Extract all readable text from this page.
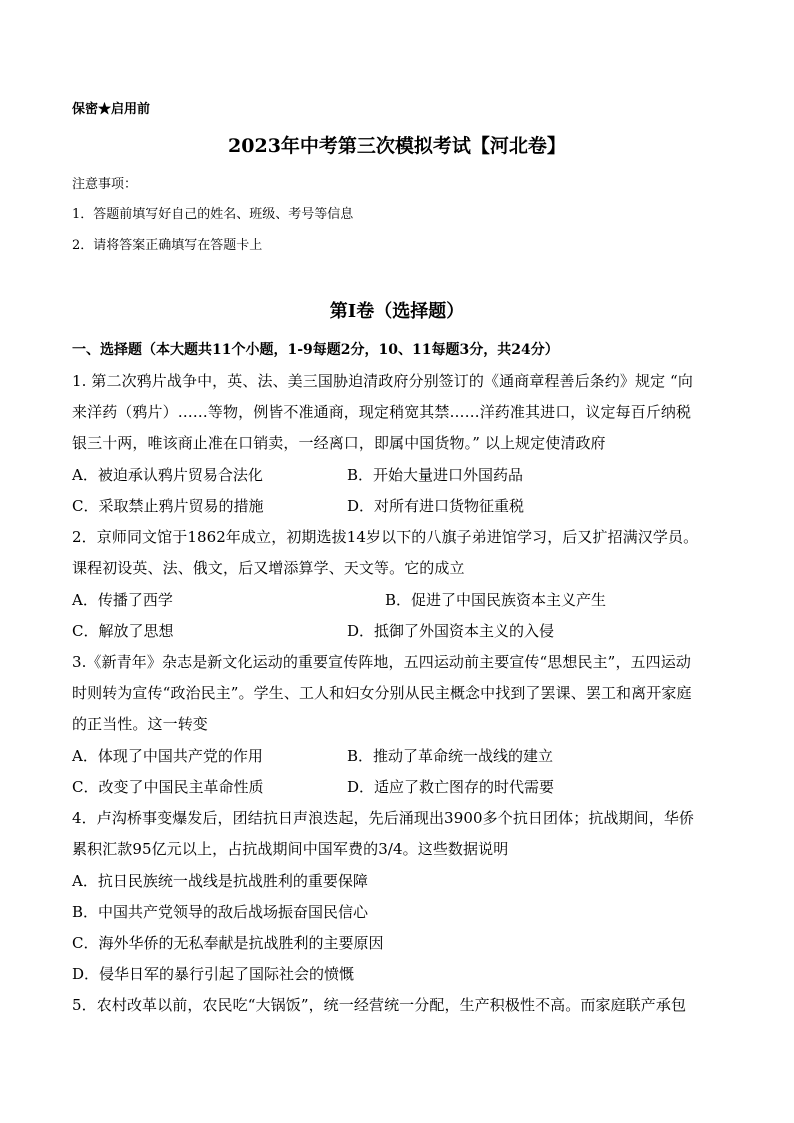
保密★启用前
2023年中考第三次模拟考试【河北卷】
注意事项：
1．答题前填写好自己的姓名、班级、考号等信息
2．请将答案正确填写在答题卡上
第I卷（选择题）
一、选择题（本大题共11个小题，1-9每题2分，10、11每题3分，共24分）
1. 第二次鸦片战争中，英、法、美三国胁迫清政府分别签订的《通商章程善后条约》规定 “向
来洋药（鸦片）……等物，例皆不准通商，现定稍宽其禁……洋药准其进口，议定每百斤纳税
银三十两，唯该商止准在口销卖，一经离口，即属中国货物。” 以上规定使清政府
A．被迫承认鸦片贸易合法化	B．开始大量进口外国药品
C．采取禁止鸦片贸易的措施	D．对所有进口货物征重税
2．京师同文馆于1862年成立，初期选拔14岁以下的八旗子弟进馆学习，后又扩招满汉学员。
课程初设英、法、俄文，后又增添算学、天文等。它的成立
A．传播了西学	B．促进了中国民族资本主义产生
C．解放了思想	D．抵御了外国资本主义的入侵
3.《新青年》杂志是新文化运动的重要宣传阵地，五四运动前主要宣传“思想民主”，五四运动
时则转为宣传“政治民主”。学生、工人和妇女分别从民主概念中找到了罢课、罢工和离开家庭
的正当性。这一转变
A．体现了中国共产党的作用	B．推动了革命统一战线的建立
C．改变了中国民主革命性质	D．适应了救亡图存的时代需要
4．卢沟桥事变爆发后，团结抗日声浪迭起，先后涌现出3900多个抗日团体；抗战期间，华侨
累积汇款95亿元以上，占抗战期间中国军费的3/4。这些数据说明
A．抗日民族统一战线是抗战胜利的重要保障
B．中国共产党领导的敌后战场振奋国民信心
C．海外华侨的无私奉献是抗战胜利的主要原因
D．侵华日军的暴行引起了国际社会的愤慨
5．农村改革以前，农民吃“大锅饭”，统一经营统一分配，生产积极性不高。而家庭联产承包
